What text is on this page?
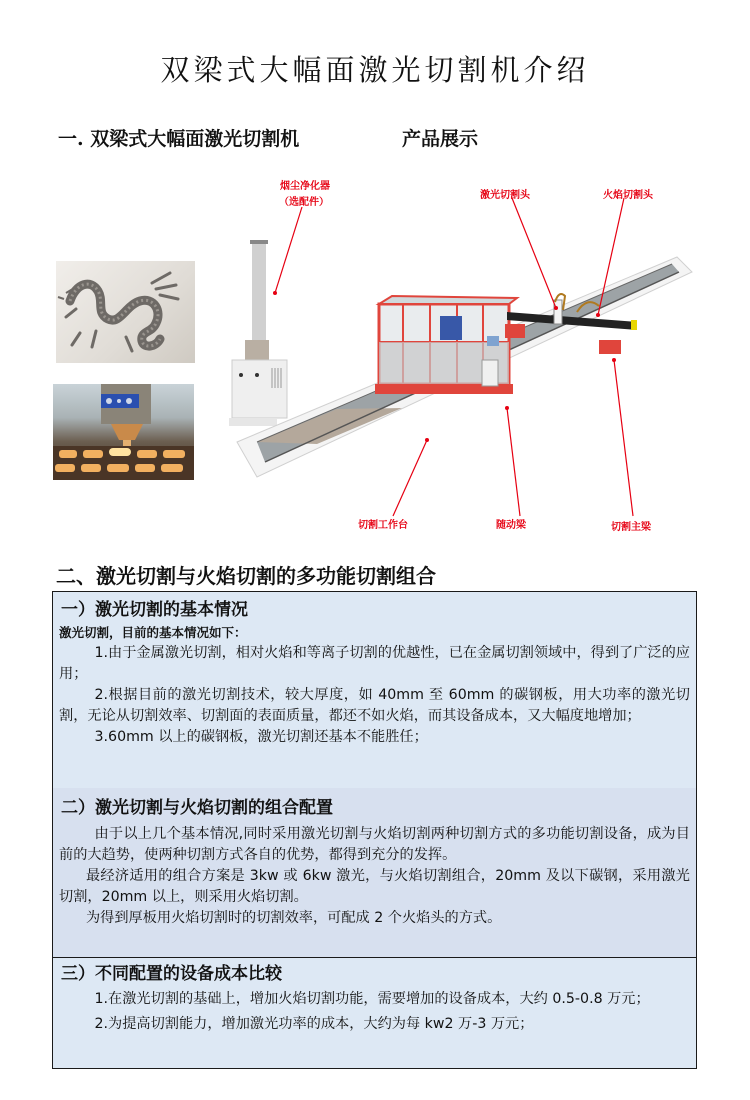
双梁式大幅面激光切割机介绍
一. 双梁式大幅面激光切割机	产品展示
烟尘净化器
（选配件）
激光切割头	火焰切割头
切割工作台	随动梁	切割主梁
二、激光切割与火焰切割的多功能切割组合
一）激光切割的基本情况
激光切割，目前的基本情况如下：
1.由于金属激光切割，相对火焰和等离子切割的优越性，已在金属切割领域中，得到了广泛的应用；
2.根据目前的激光切割技术，较大厚度，如 40mm 至 60mm 的碳钢板，用大功率的激光切割，无论从切割效率、切割面的表面质量，都还不如火焰，而其设备成本，又大幅度地增加；
3.60mm 以上的碳钢板，激光切割还基本不能胜任；
二）激光切割与火焰切割的组合配置
由于以上几个基本情况,同时采用激光切割与火焰切割两种切割方式的多功能切割设备，成为目前的大趋势，使两种切割方式各自的优势，都得到充分的发挥。
最经济适用的组合方案是 3kw 或 6kw 激光，与火焰切割组合，20mm 及以下碳钢，采用激光切割，20mm 以上，则采用火焰切割。
为得到厚板用火焰切割时的切割效率，可配成 2 个火焰头的方式。
三）不同配置的设备成本比较
1.在激光切割的基础上，增加火焰切割功能，需要增加的设备成本，大约 0.5-0.8 万元；
2.为提高切割能力，增加激光功率的成本，大约为每 kw2 万-3 万元；
